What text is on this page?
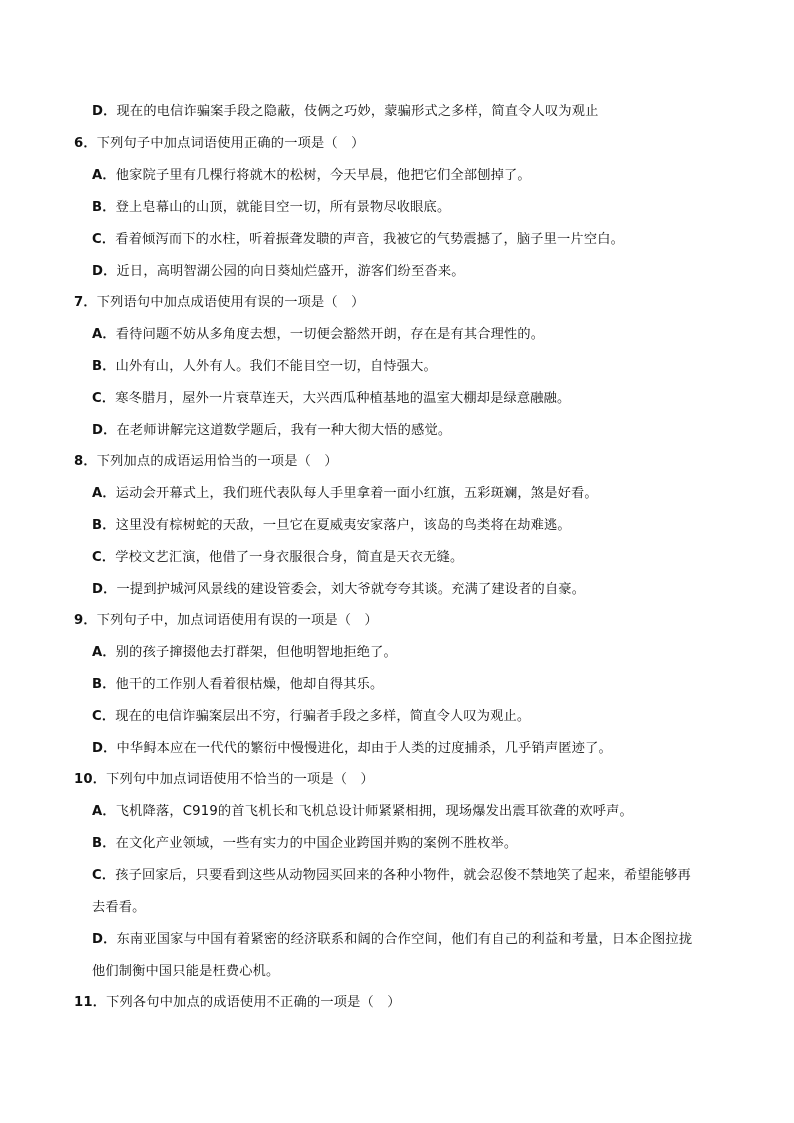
D．现在的电信诈骗案手段之隐蔽，伎俩之巧妙，蒙骗形式之多样，简直令人叹为观止
6．下列句子中加点词语使用正确的一项是（　）
A．他家院子里有几棵行将就木的松树，今天早晨，他把它们全部刨掉了。
B．登上皂幕山的山顶，就能目空一切，所有景物尽收眼底。
C．看着倾泻而下的水柱，听着振聋发聩的声音，我被它的气势震撼了，脑子里一片空白。
D．近日，高明智湖公园的向日葵灿烂盛开，游客们纷至沓来。
7．下列语句中加点成语使用有误的一项是（　）
A．看待问题不妨从多角度去想，一切便会豁然开朗，存在是有其合理性的。
B．山外有山，人外有人。我们不能目空一切，自恃强大。
C．寒冬腊月，屋外一片衰草连天，大兴西瓜种植基地的温室大棚却是绿意融融。
D．在老师讲解完这道数学题后，我有一种大彻大悟的感觉。
8．下列加点的成语运用恰当的一项是（　）
A．运动会开幕式上，我们班代表队每人手里拿着一面小红旗，五彩斑斓，煞是好看。
B．这里没有棕树蛇的天敌，一旦它在夏威夷安家落户，该岛的鸟类将在劫难逃。
C．学校文艺汇演，他借了一身衣服很合身，简直是天衣无缝。
D．一提到护城河风景线的建设管委会，刘大爷就夸夸其谈。充满了建设者的自豪。
9．下列句子中，加点词语使用有误的一项是（　）
A．别的孩子撺掇他去打群架，但他明智地拒绝了。
B．他干的工作别人看着很枯燥，他却自得其乐。
C．现在的电信诈骗案层出不穷，行骗者手段之多样，简直令人叹为观止。
D．中华鲟本应在一代代的繁衍中慢慢进化，却由于人类的过度捕杀，几乎销声匿迹了。
10．下列句中加点词语使用不恰当的一项是（　）
A．飞机降落，C919的首飞机长和飞机总设计师紧紧相拥，现场爆发出震耳欲聋的欢呼声。
B．在文化产业领域，一些有实力的中国企业跨国并购的案例不胜枚举。
C．孩子回家后，只要看到这些从动物园买回来的各种小物件，就会忍俊不禁地笑了起来，希望能够再
去看看。
D．东南亚国家与中国有着紧密的经济联系和阔的合作空间，他们有自己的利益和考量，日本企图拉拢
他们制衡中国只能是枉费心机。
11．下列各句中加点的成语使用不正确的一项是（　）
